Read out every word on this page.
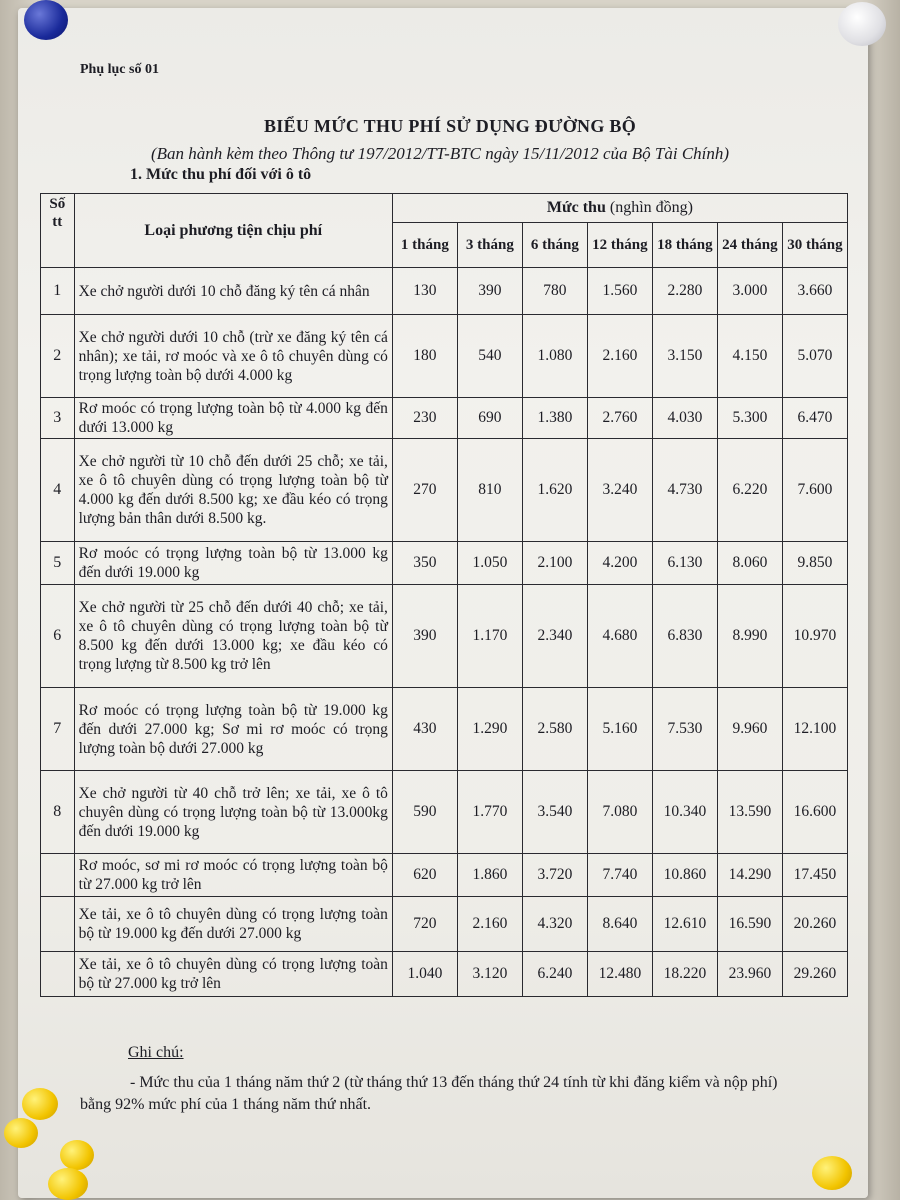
Phụ lục số 01
BIỂU MỨC THU PHÍ SỬ DỤNG ĐƯỜNG BỘ
(Ban hành kèm theo Thông tư 197/2012/TT-BTC ngày 15/11/2012 của Bộ Tài Chính)
1. Mức thu phí đối với ô tô
Số tt	Loại phương tiện chịu phí	Mức thu (nghìn đồng)						
		1 tháng	3 tháng	6 tháng	12 tháng	18 tháng	24 tháng	30 tháng
1	Xe chở người dưới 10 chỗ đăng ký tên cá nhân	130	390	780	1.560	2.280	3.000	3.660
2	Xe chở người dưới 10 chỗ (trừ xe đăng ký tên cá nhân); xe tải, rơ moóc và xe ô tô chuyên dùng có trọng lượng toàn bộ dưới 4.000 kg	180	540	1.080	2.160	3.150	4.150	5.070
3	Rơ moóc có trọng lượng toàn bộ từ 4.000 kg đến dưới 13.000 kg	230	690	1.380	2.760	4.030	5.300	6.470
4	Xe chở người từ 10 chỗ đến dưới 25 chỗ; xe tải, xe ô tô chuyên dùng có trọng lượng toàn bộ từ 4.000 kg đến dưới 8.500 kg; xe đầu kéo có trọng lượng bản thân dưới 8.500 kg.	270	810	1.620	3.240	4.730	6.220	7.600
5	Rơ moóc có trọng lượng toàn bộ từ 13.000 kg đến dưới 19.000 kg	350	1.050	2.100	4.200	6.130	8.060	9.850
6	Xe chở người từ 25 chỗ đến dưới 40 chỗ; xe tải, xe ô tô chuyên dùng có trọng lượng toàn bộ từ 8.500 kg đến dưới 13.000 kg; xe đầu kéo có trọng lượng từ 8.500 kg trở lên	390	1.170	2.340	4.680	6.830	8.990	10.970
7	Rơ moóc có trọng lượng toàn bộ từ 19.000 kg đến dưới 27.000 kg; Sơ mi rơ moóc có trọng lượng toàn bộ dưới 27.000 kg	430	1.290	2.580	5.160	7.530	9.960	12.100
8	Xe chở người từ 40 chỗ trở lên; xe tải, xe ô tô chuyên dùng có trọng lượng toàn bộ từ 13.000kg đến dưới 19.000 kg	590	1.770	3.540	7.080	10.340	13.590	16.600
	Rơ moóc, sơ mi rơ moóc có trọng lượng toàn bộ từ 27.000 kg trở lên	620	1.860	3.720	7.740	10.860	14.290	17.450
	Xe tải, xe ô tô chuyên dùng có trọng lượng toàn bộ từ 19.000 kg đến dưới 27.000 kg	720	2.160	4.320	8.640	12.610	16.590	20.260
	Xe tải, xe ô tô chuyên dùng có trọng lượng toàn bộ từ 27.000 kg trở lên	1.040	3.120	6.240	12.480	18.220	23.960	29.260
Ghi chú:
- Mức thu của 1 tháng năm thứ 2 (từ tháng thứ 13 đến tháng thứ 24 tính từ khi đăng kiểm và nộp phí) bằng 92% mức phí của 1 tháng năm thứ nhất.
